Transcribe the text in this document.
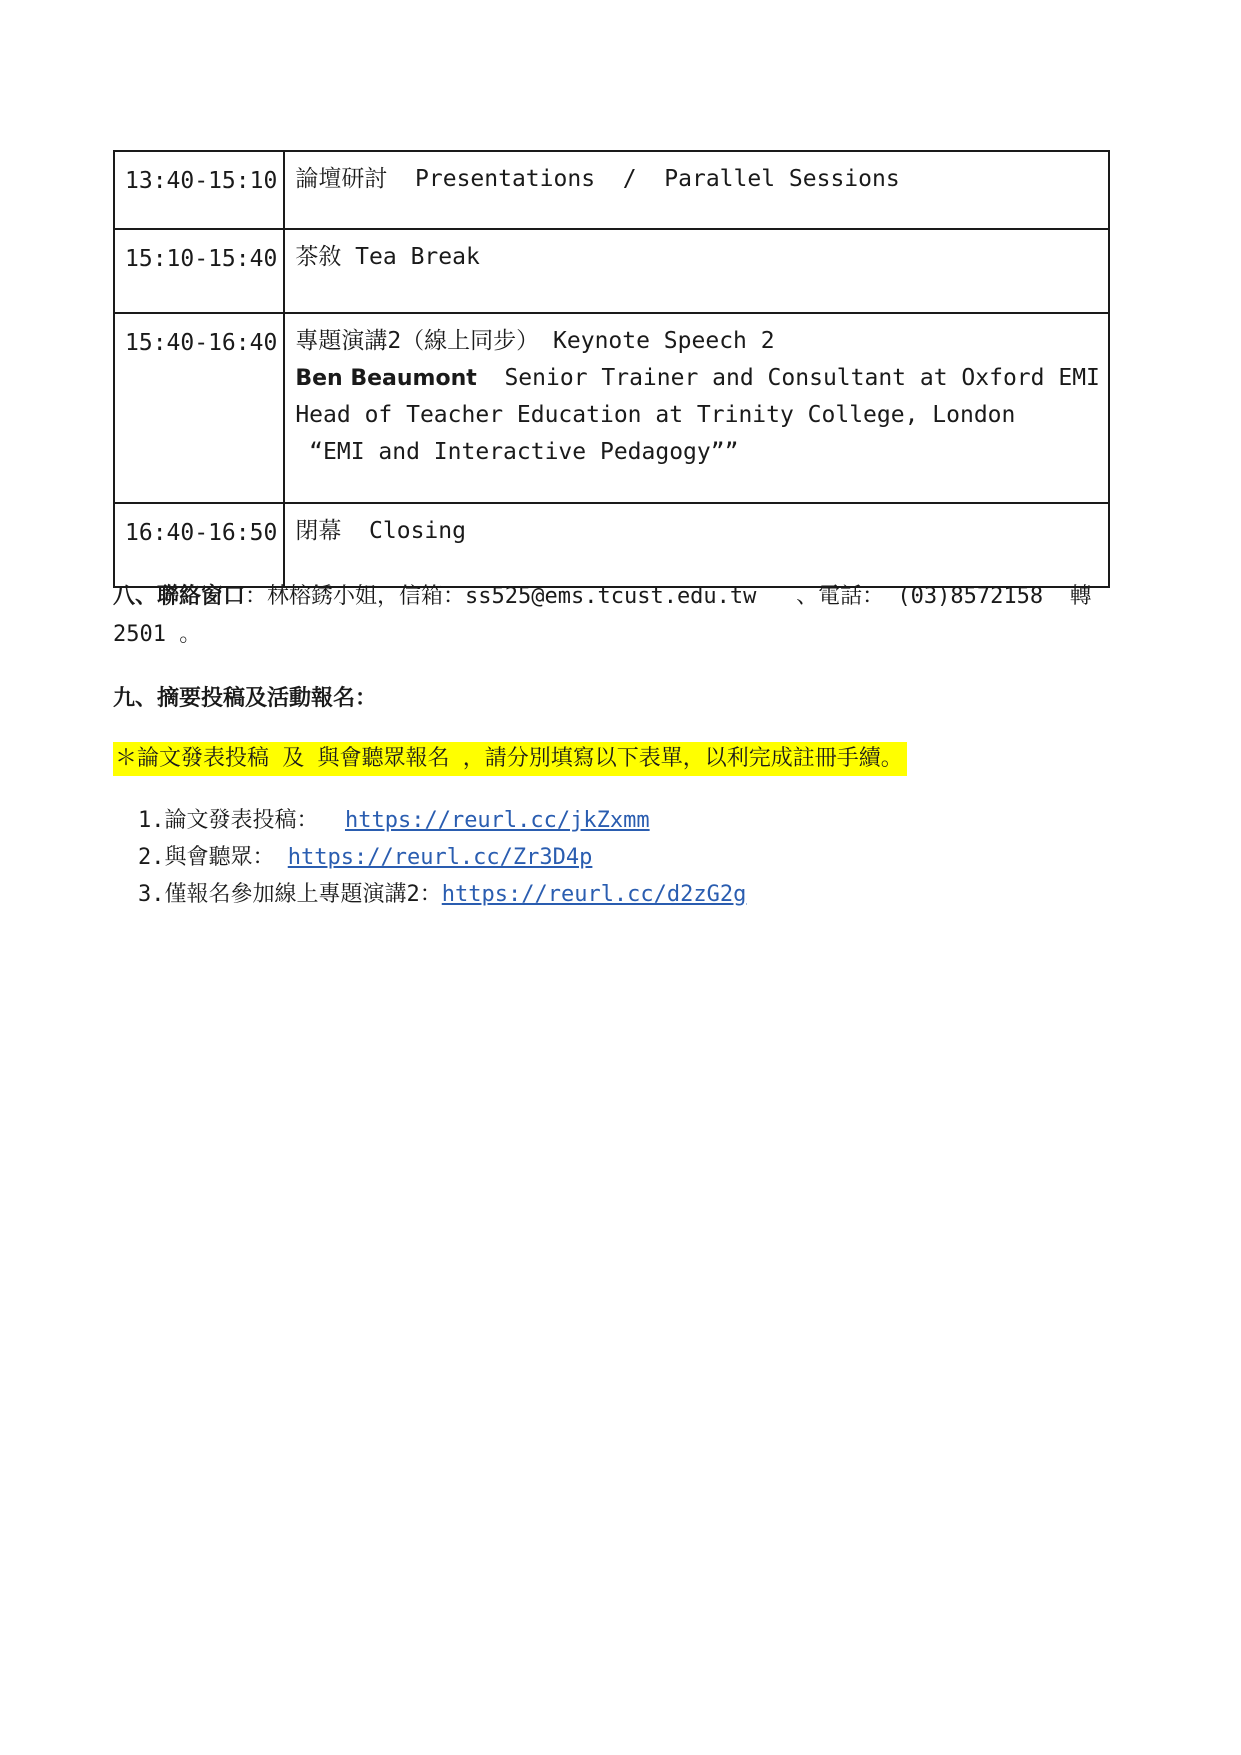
13:40-15:10	論壇研討  Presentations  /  Parallel Sessions

15:10-15:40	茶敘 Tea Break

15:40-16:40	專題演講2（線上同步） Keynote Speech 2
Ben Beaumont  Senior Trainer and Consultant at Oxford EMI
Head of Teacher Education at Trinity College, London
“EMI and Interactive Pedagogy””

16:40-16:50	閉幕  Closing
八、聯絡窗口：林榕銹小姐，信箱：ss525@ems.tcust.edu.tw   、電話： (03)8572158  轉 2501 。
九、摘要投稿及活動報名：
＊論文發表投稿 及 與會聽眾報名 ，請分別填寫以下表單，以利完成註冊手續。
1.論文發表投稿：  https://reurl.cc/jkZxmm
2.與會聽眾： https://reurl.cc/Zr3D4p
3.僅報名參加線上專題演講2：https://reurl.cc/d2zG2g
